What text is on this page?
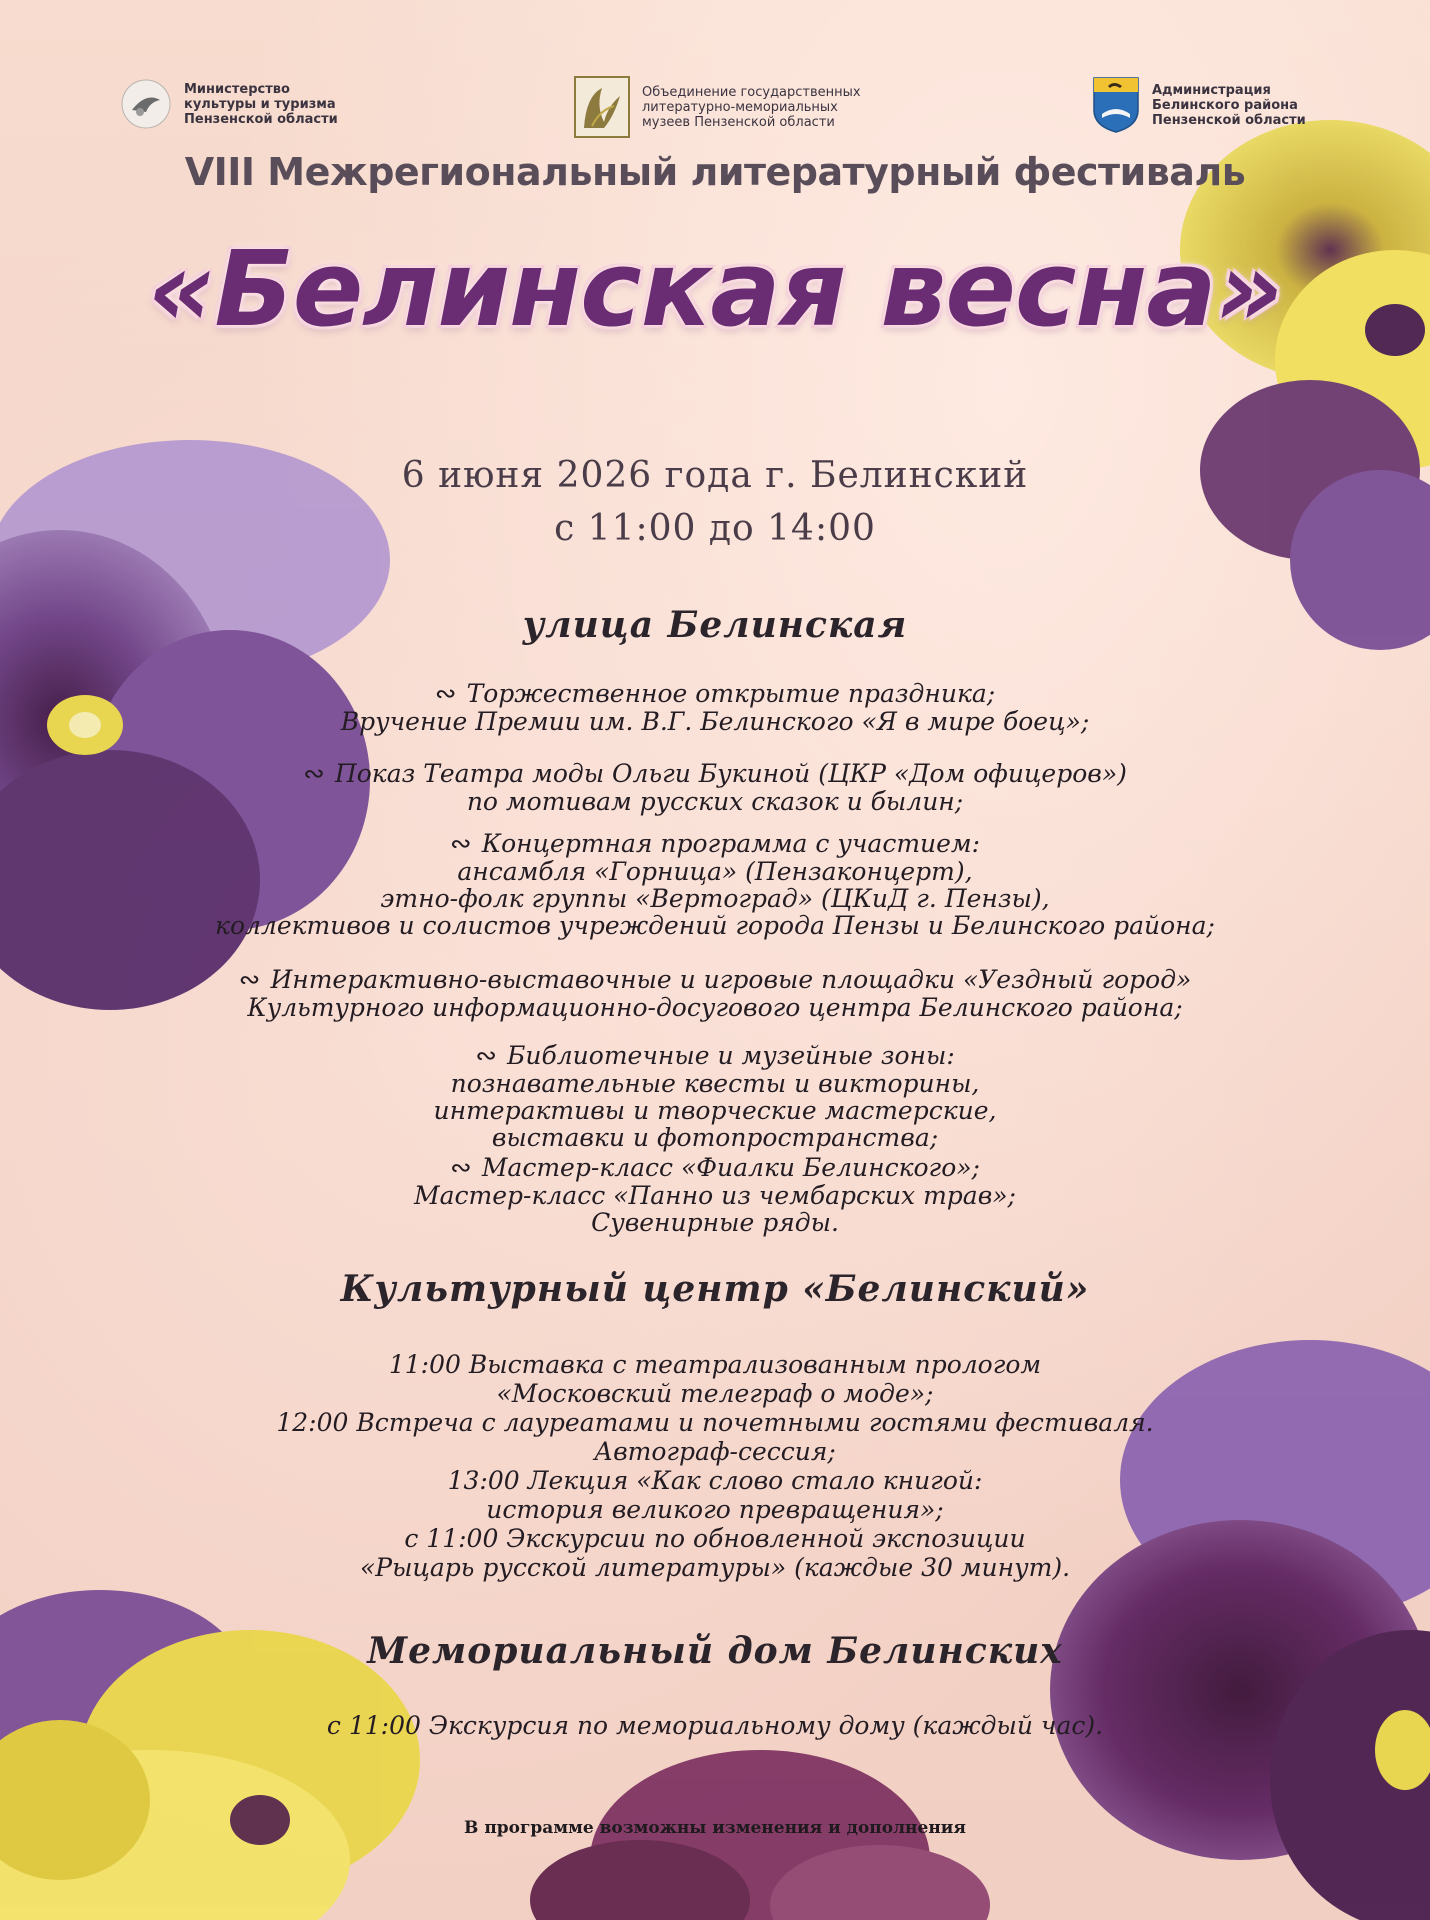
Министерство
культуры и туризма
Пензенской области
Объединение государственных
литературно-мемориальных
музеев Пензенской области
Администрация
Белинского района
Пензенской области
VIII Межрегиональный литературный фестиваль
«Белинская весна»
6 июня 2026 года г. Белинский
с 11:00 до 14:00
улица Белинская
∾ Торжественное открытие праздника;
Вручение Премии им. В.Г. Белинского «Я в мире боец»;
∾ Показ Театра моды Ольги Букиной (ЦКР «Дом офицеров»)
по мотивам русских сказок и былин;
∾ Концертная программа с участием:
ансамбля «Горница» (Пензаконцерт),
этно-фолк группы «Вертоград» (ЦКиД г. Пензы),
коллективов и солистов учреждений города Пензы и Белинского района;
∾ Интерактивно-выставочные и игровые площадки «Уездный город»
Культурного информационно-досугового центра Белинского района;
∾ Библиотечные и музейные зоны:
познавательные квесты и викторины,
интерактивы и творческие мастерские,
выставки и фотопространства;
∾ Мастер-класс «Фиалки Белинского»;
Мастер-класс «Панно из чембарских трав»;
Сувенирные ряды.
Культурный центр «Белинский»
11:00 Выставка с театрализованным прологом
«Московский телеграф о моде»;
12:00 Встреча с лауреатами и почетными гостями фестиваля.
Автограф-сессия;
13:00 Лекция «Как слово стало книгой:
история великого превращения»;
с 11:00 Экскурсии по обновленной экспозиции
«Рыцарь русской литературы» (каждые 30 минут).
Мемориальный дом Белинских
с 11:00 Экскурсия по мемориальному дому (каждый час).
В программе возможны изменения и дополнения
